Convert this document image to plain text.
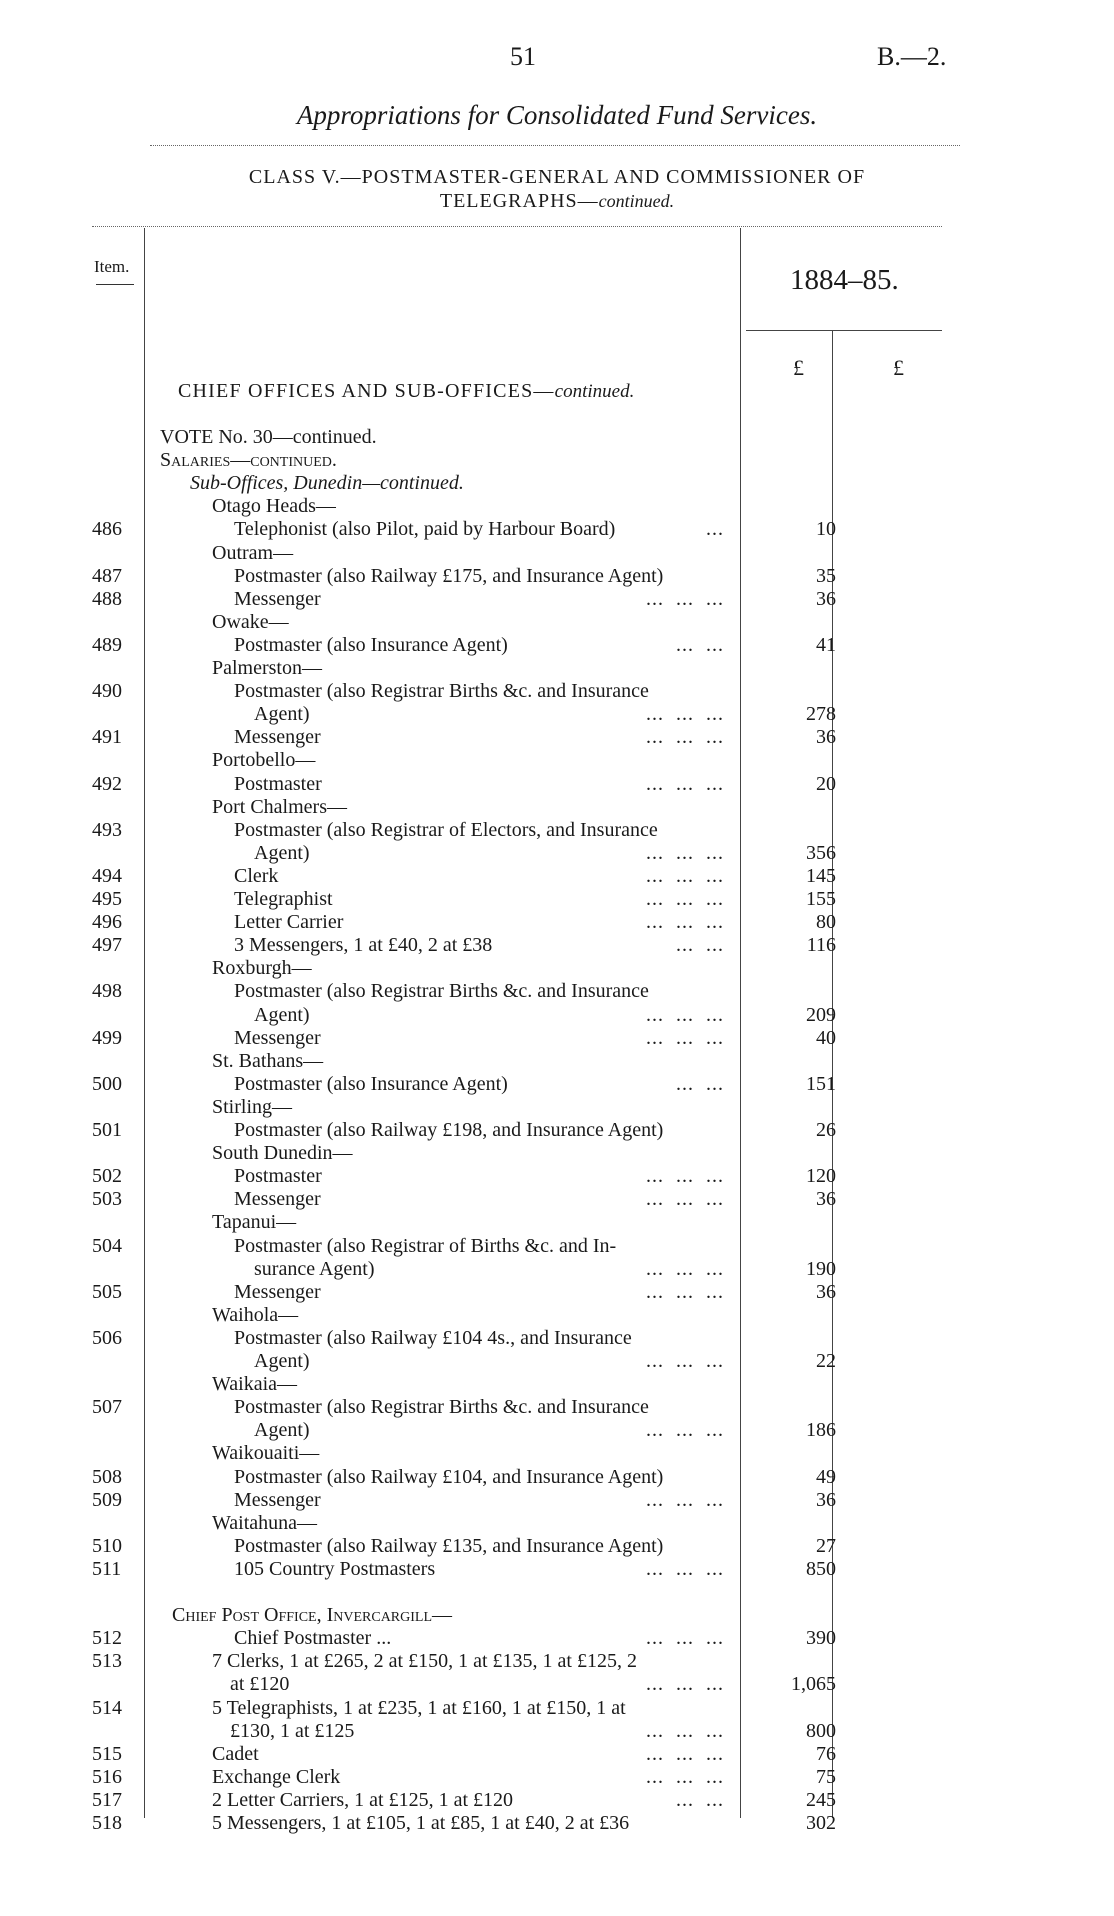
51	B.—2.
Appropriations for Consolidated Fund Services.
CLASS V.—POSTMASTER-GENERAL AND COMMISSIONER OF
TELEGRAPHS—continued.
Item.	1884–85.
£	£
CHIEF OFFICES AND SUB-OFFICES—continued.
VOTE No. 30—continued.
Salaries—continued.
Sub-Offices, Dunedin—continued.
Otago Heads—
486	Telephonist (also Pilot, paid by Harbour Board)	...	10
Outram—
487	Postmaster (also Railway £175, and Insurance Agent)	35
488	Messenger	...  ...  ...	36
Owake—
489	Postmaster (also Insurance Agent)	...  ...	41
Palmerston—
490	Postmaster (also Registrar Births &c. and Insurance
Agent)	...  ...  ...	278
491	Messenger	...  ...  ...	36
Portobello—
492	Postmaster	...  ...  ...	20
Port Chalmers—
493	Postmaster (also Registrar of Electors, and Insurance
Agent)	...  ...  ...	356
494	Clerk	...  ...  ...	145
495	Telegraphist	...  ...  ...	155
496	Letter Carrier	...  ...  ...	80
497	3 Messengers, 1 at £40, 2 at £38	...  ...	116
Roxburgh—
498	Postmaster (also Registrar Births &c. and Insurance
Agent)	...  ...  ...	209
499	Messenger	...  ...  ...	40
St. Bathans—
500	Postmaster (also Insurance Agent)	...  ...	151
Stirling—
501	Postmaster (also Railway £198, and Insurance Agent)	26
South Dunedin—
502	Postmaster	...  ...  ...	120
503	Messenger	...  ...  ...	36
Tapanui—
504	Postmaster (also Registrar of Births &c. and In-
surance Agent)	...  ...  ...	190
505	Messenger	...  ...  ...	36
Waihola—
506	Postmaster (also Railway £104 4s., and Insurance
Agent)	...  ...  ...	22
Waikaia—
507	Postmaster (also Registrar Births &c. and Insurance
Agent)	...  ...  ...	186
Waikouaiti—
508	Postmaster (also Railway £104, and Insurance Agent)	49
509	Messenger	...  ...  ...	36
Waitahuna—
510	Postmaster (also Railway £135, and Insurance Agent)	27
511	105 Country Postmasters	...  ...  ...	850
Chief Post Office, Invercargill—
512	Chief Postmaster ...	...  ...  ...	390
513	7 Clerks, 1 at £265, 2 at £150, 1 at £135, 1 at £125, 2
at £120	...  ...  ...	1,065
514	5 Telegraphists, 1 at £235, 1 at £160, 1 at £150, 1 at
£130, 1 at £125	...  ...  ...	800
515	Cadet	...  ...  ...	76
516	Exchange Clerk	...  ...  ...	75
517	2 Letter Carriers, 1 at £125, 1 at £120	...  ...	245
518	5 Messengers, 1 at £105, 1 at £85, 1 at £40, 2 at £36	302
